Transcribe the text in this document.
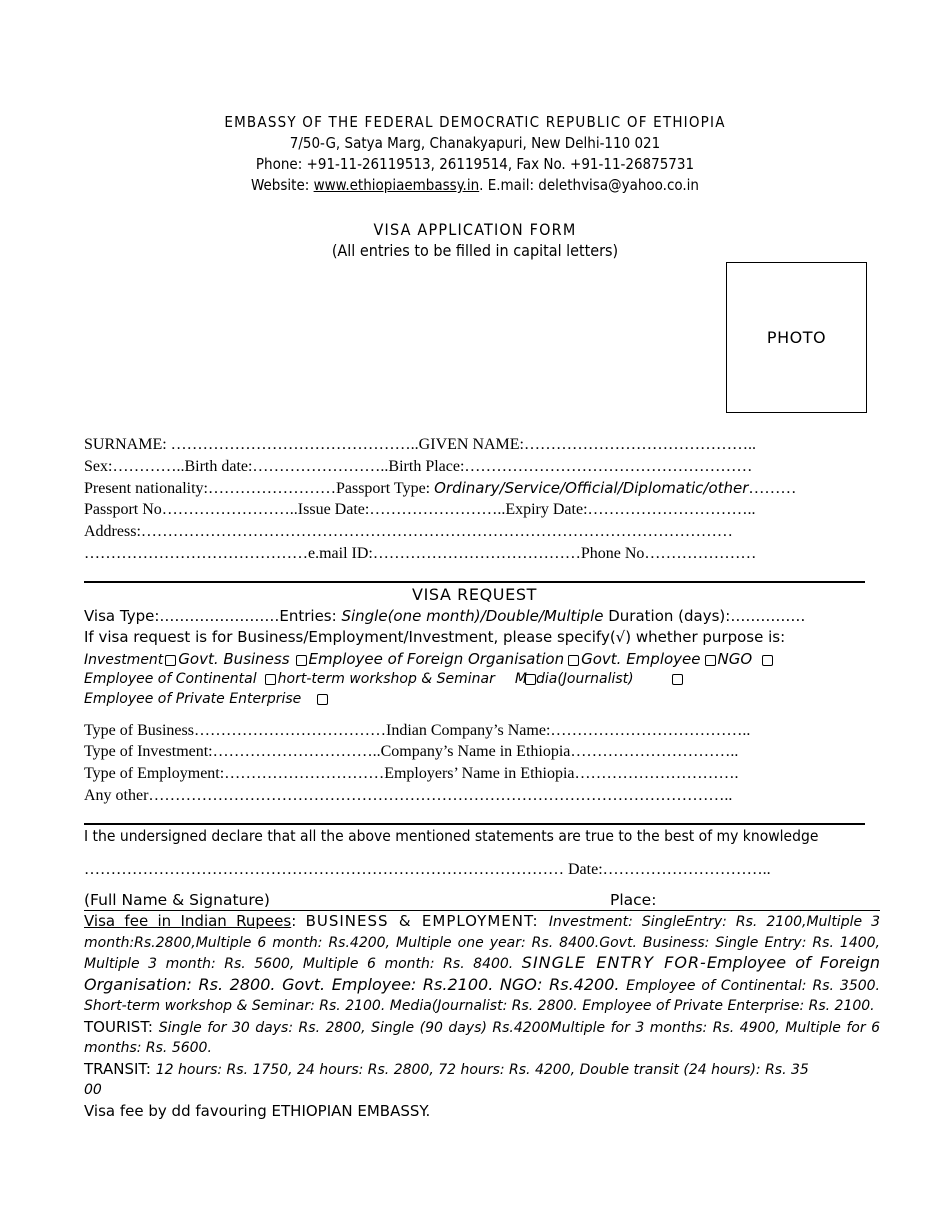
EMBASSY OF THE FEDERAL DEMOCRATIC REPUBLIC OF ETHIOPIA
7/50-G, Satya Marg, Chanakyapuri, New Delhi-110 021
Phone: +91-11-26119513, 26119514, Fax No. +91-11-26875731
Website: www.ethiopiaembassy.in. E.mail: delethvisa@yahoo.co.in
VISA APPLICATION FORM
(All entries to be filled in capital letters)
PHOTO
SURNAME: ………………………………………..GIVEN NAME:……………………………………..
Sex:…………..Birth date:……………………..Birth Place:………………………………………………
Present nationality:……………………Passport Type: Ordinary/Service/Official/Diplomatic/other………
Passport No……………………..Issue Date:……………………..Expiry Date:…………………………..
Address:…………………………………………………………………………………………………
……………………………………e.mail ID:…………………………………Phone No…………………
VISA REQUEST
Visa Type:……………………Entries: Single(one month)/Double/Multiple Duration (days):……………
If visa request is for Business/Employment/Investment, please specify(√) whether purpose is:
Investment Govt. Business Employee of Foreign Organisation Govt. Employee NGO
Employee of Continental hort-term workshop & Seminar M dia(Journalist)
Employee of Private Enterprise
Type of Business………………………………Indian Company’s Name:………………………………..
Type of Investment:…………………………..Company’s Name in Ethiopia…………………………..
Type of Employment:…………………………Employers’ Name in Ethiopia………………………….
Any other………………………………………………………………………………………………..
I the undersigned declare that all the above mentioned statements are true to the best of my knowledge
……………………………………………………………………………… Date:…………………………..
(Full Name & Signature)	Place:
Visa fee in Indian Rupees: BUSINESS & EMPLOYMENT: Investment: SingleEntry: Rs. 2100,Multiple 3 month:Rs.2800,Multiple 6 month: Rs.4200, Multiple one year: Rs. 8400.Govt. Business: Single Entry: Rs. 1400, Multiple 3 month: Rs. 5600, Multiple 6 month: Rs. 8400. SINGLE ENTRY FOR-Employee of Foreign Organisation: Rs. 2800. Govt. Employee: Rs.2100. NGO: Rs.4200. Employee of Continental: Rs. 3500. Short-term workshop & Seminar: Rs. 2100. Media(Journalist: Rs. 2800. Employee of Private Enterprise: Rs. 2100.
TOURIST: Single for 30 days: Rs. 2800, Single (90 days) Rs.4200Multiple for 3 months: Rs. 4900, Multiple for 6 months: Rs. 5600.
TRANSIT: 12 hours: Rs. 1750, 24 hours: Rs. 2800, 72 hours: Rs. 4200, Double transit (24 hours): Rs. 35
00
Visa fee by dd favouring ETHIOPIAN EMBASSY.
